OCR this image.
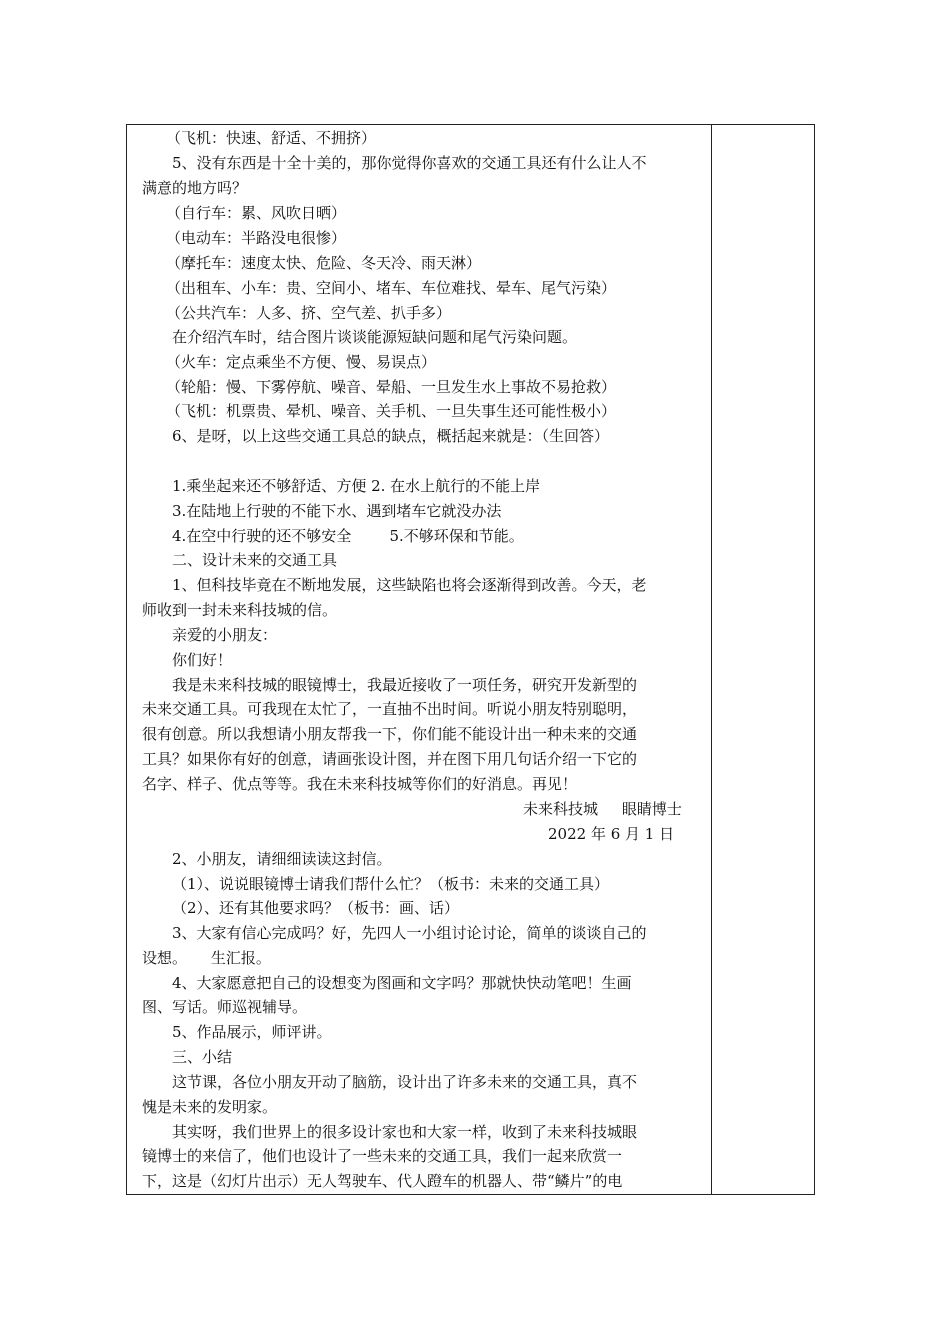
（飞机：快速、舒适、不拥挤）
5、没有东西是十全十美的，那你觉得你喜欢的交通工具还有什么让人不
满意的地方吗？
（自行车：累、风吹日晒）
（电动车：半路没电很惨）
（摩托车：速度太快、危险、冬天冷、雨天淋）
（出租车、小车：贵、空间小、堵车、车位难找、晕车、尾气污染）
（公共汽车：人多、挤、空气差、扒手多）
在介绍汽车时，结合图片谈谈能源短缺问题和尾气污染问题。
（火车：定点乘坐不方便、慢、易误点）
（轮船：慢、下雾停航、噪音、晕船、一旦发生水上事故不易抢救）
（飞机：机票贵、晕机、噪音、关手机、一旦失事生还可能性极小）
6、是呀，以上这些交通工具总的缺点，概括起来就是：（生回答）
1.乘坐起来还不够舒适、方便 2. 在水上航行的不能上岸
3.在陆地上行驶的不能下水、遇到堵车它就没办法
4.在空中行驶的还不够安全        5.不够环保和节能。
二、设计未来的交通工具
1、但科技毕竟在不断地发展，这些缺陷也将会逐渐得到改善。今天，老
师收到一封未来科技城的信。
亲爱的小朋友：
你们好！
我是未来科技城的眼镜博士，我最近接收了一项任务，研究开发新型的
未来交通工具。可我现在太忙了，一直抽不出时间。听说小朋友特别聪明，
很有创意。所以我想请小朋友帮我一下，你们能不能设计出一种未来的交通
工具？如果你有好的创意，请画张设计图，并在图下用几句话介绍一下它的
名字、样子、优点等等。我在未来科技城等你们的好消息。再见！
未来科技城     眼睛博士
2022 年 6 月 1 日
2、小朋友，请细细读读这封信。
（1）、说说眼镜博士请我们帮什么忙？（板书：未来的交通工具）
（2）、还有其他要求吗？（板书：画、话）
3、大家有信心完成吗？好，先四人一小组讨论讨论，简单的谈谈自己的
设想。     生汇报。
4、大家愿意把自己的设想变为图画和文字吗？那就快快动笔吧！生画
图、写话。师巡视辅导。
5、作品展示，师评讲。
三、小结
这节课，各位小朋友开动了脑筋，设计出了许多未来的交通工具，真不
愧是未来的发明家。
其实呀，我们世界上的很多设计家也和大家一样，收到了未来科技城眼
镜博士的来信了，他们也设计了一些未来的交通工具，我们一起来欣赏一
下，这是（幻灯片出示）无人驾驶车、代人蹬车的机器人、带“鳞片”的电
